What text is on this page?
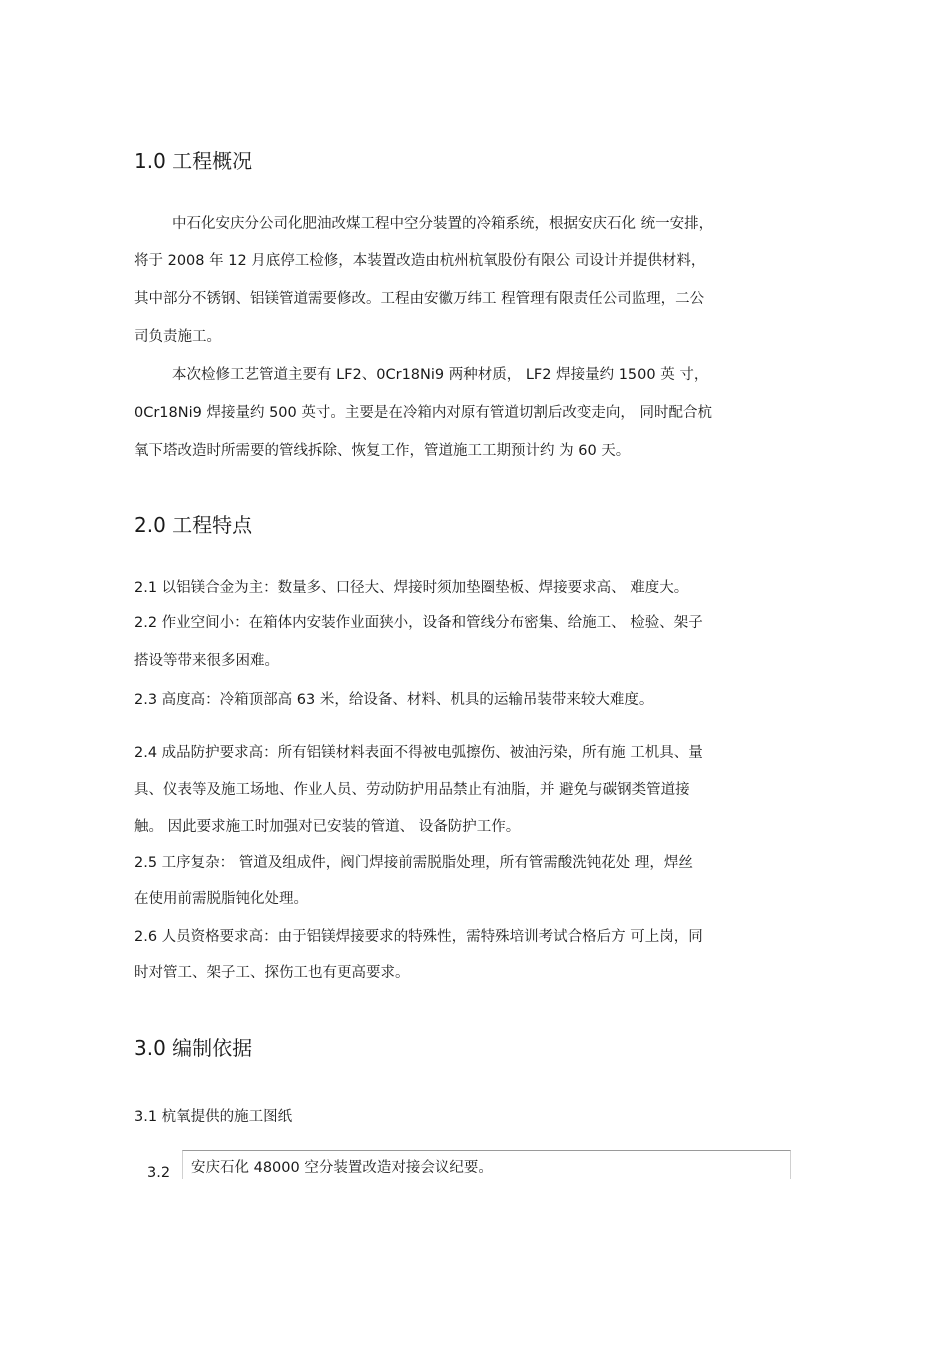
1.0 工程概况
中石化安庆分公司化肥油改煤工程中空分装置的冷箱系统，根据安庆石化 统一安排，
将于 2008 年 12 月底停工检修，本装置改造由杭州杭氧股份有限公 司设计并提供材料，
其中部分不锈钢、铝镁管道需要修改。工程由安徽万纬工 程管理有限责任公司监理，二公
司负责施工。
本次检修工艺管道主要有 LF2、0Cr18Ni9 两种材质， LF2 焊接量约 1500 英 寸，
0Cr18Ni9 焊接量约 500 英寸。主要是在冷箱内对原有管道切割后改变走向， 同时配合杭
氧下塔改造时所需要的管线拆除、恢复工作，管道施工工期预计约 为 60 天。
2.0 工程特点
2.1 以铝镁合金为主：数量多、口径大、焊接时须加垫圈垫板、焊接要求高、 难度大。
2.2 作业空间小：在箱体内安装作业面狭小，设备和管线分布密集、给施工、 检验、架子
搭设等带来很多困难。
2.3 高度高：冷箱顶部高 63 米，给设备、材料、机具的运输吊装带来较大难度。
2.4 成品防护要求高：所有铝镁材料表面不得被电弧擦伤、被油污染，所有施 工机具、量
具、仪表等及施工场地、作业人员、劳动防护用品禁止有油脂，并 避免与碳钢类管道接
触。 因此要求施工时加强对已安装的管道、 设备防护工作。
2.5 工序复杂： 管道及组成件，阀门焊接前需脱脂处理，所有管需酸洗钝花处 理，焊丝
在使用前需脱脂钝化处理。
2.6 人员资格要求高：由于铝镁焊接要求的特殊性，需特殊培训考试合格后方 可上岗，同
时对管工、架子工、探伤工也有更高要求。
3.0 编制依据
3.1 杭氧提供的施工图纸
3.2 安庆石化 48000 空分装置改造对接会议纪要。
